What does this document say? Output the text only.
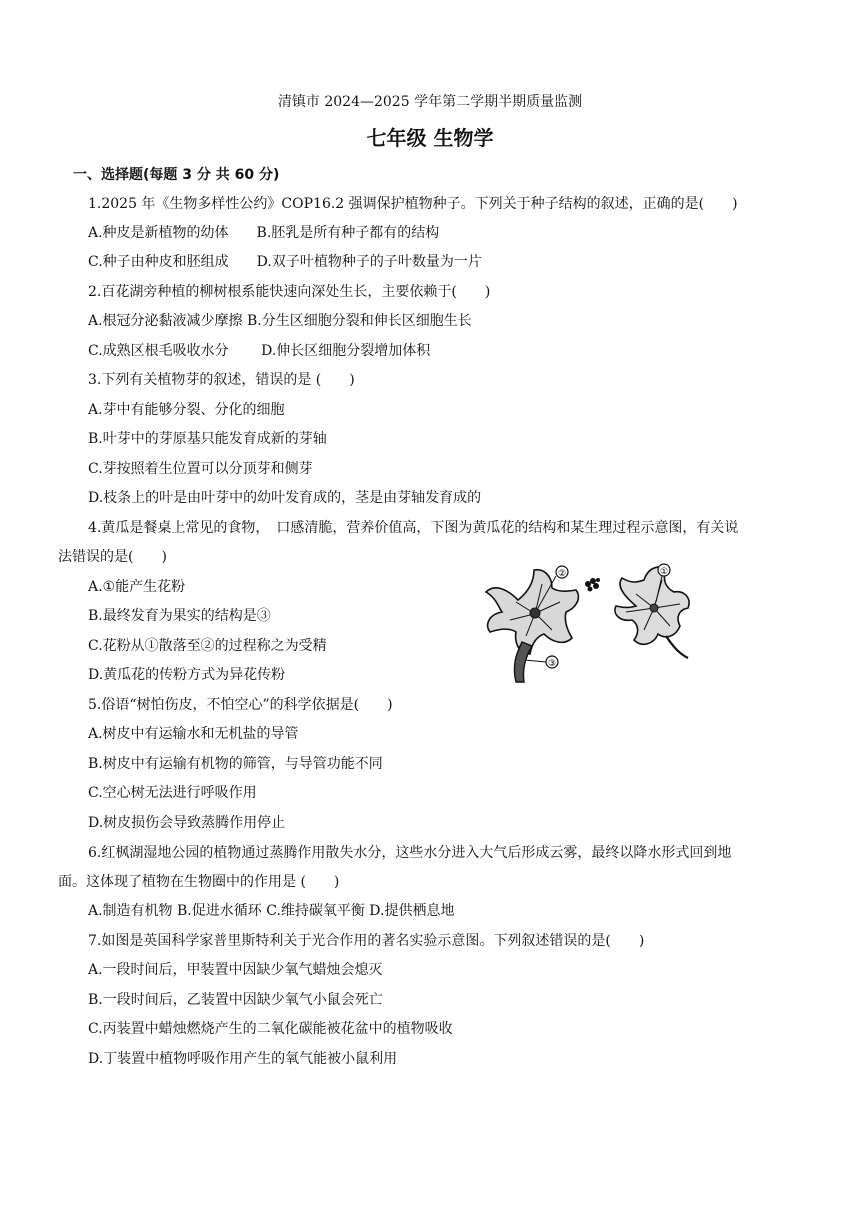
清镇市 2024—2025 学年第二学期半期质量监测
七年级 生物学
一、选择题(每题 3 分 共 60 分)
1.2025 年《生物多样性公约》COP16.2 强调保护植物种子。下列关于种子结构的叙述，正确的是(　　)
A.种皮是新植物的幼体　　B.胚乳是所有种子都有的结构
C.种子由种皮和胚组成　　D.双子叶植物种子的子叶数量为一片
2.百花湖旁种植的柳树根系能快速向深处生长，主要依赖于(　　)
A.根冠分泌黏液减少摩擦 B.分生区细胞分裂和伸长区细胞生长
C.成熟区根毛吸收水分　　 D.伸长区细胞分裂增加体积
3.下列有关植物芽的叙述，错误的是 (　　)
A.芽中有能够分裂、分化的细胞
B.叶芽中的芽原基只能发育成新的芽轴
C.芽按照着生位置可以分顶芽和侧芽
D.枝条上的叶是由叶芽中的幼叶发育成的，茎是由芽轴发育成的
4.黄瓜是餐桌上常见的食物，　口感清脆，营养价值高，下图为黄瓜花的结构和某生理过程示意图，有关说
法错误的是(　　)
A.①能产生花粉
B.最终发育为果实的结构是③
C.花粉从①散落至②的过程称之为受精
D.黄瓜花的传粉方式为异花传粉
③
②	①
5.俗语“树怕伤皮，不怕空心”的科学依据是(　　)
A.树皮中有运输水和无机盐的导管
B.树皮中有运输有机物的筛管，与导管功能不同
C.空心树无法进行呼吸作用
D.树皮损伤会导致蒸腾作用停止
6.红枫湖湿地公园的植物通过蒸腾作用散失水分，这些水分进入大气后形成云雾，最终以降水形式回到地
面。这体现了植物在生物圈中的作用是 (　　)
A.制造有机物 B.促进水循环 C.维持碳氧平衡 D.提供栖息地
7.如图是英国科学家普里斯特利关于光合作用的著名实验示意图。下列叙述错误的是(　　)
A.一段时间后，甲装置中因缺少氧气蜡烛会熄灭
B.一段时间后，乙装置中因缺少氧气小鼠会死亡
C.丙装置中蜡烛燃烧产生的二氧化碳能被花盆中的植物吸收
D.丁装置中植物呼吸作用产生的氧气能被小鼠利用
